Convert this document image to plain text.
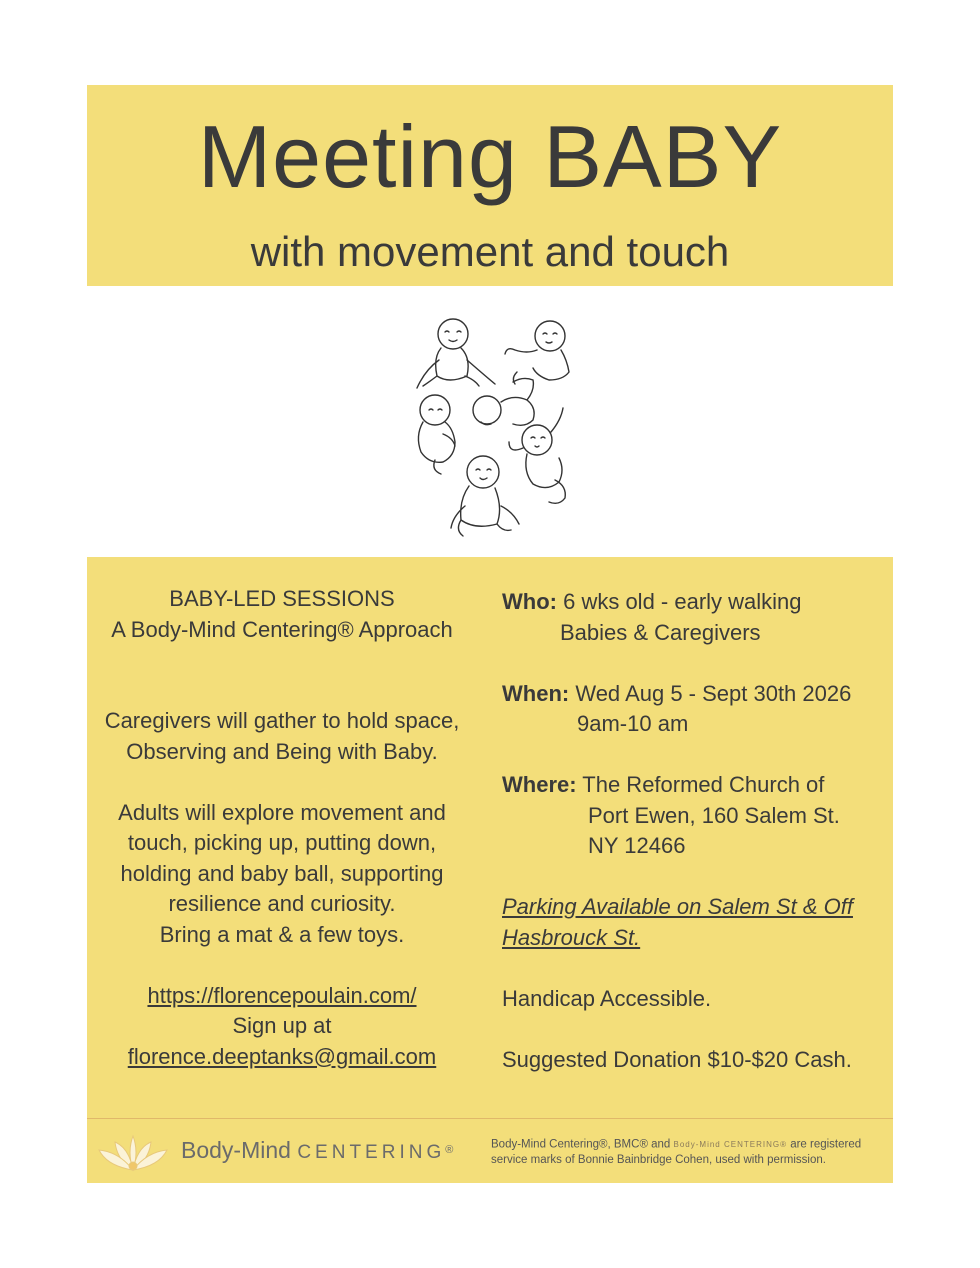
Meeting BABY
with movement and touch
BABY-LED SESSIONS
A Body-Mind Centering® Approach
Caregivers will gather to hold space,
Observing and Being with Baby.
Adults will explore movement and
touch, picking up, putting down,
holding and baby ball, supporting
resilience and curiosity.
Bring a mat & a few toys.
https://florencepoulain.com/
Sign up at
florence.deeptanks@gmail.com
Who: 6 wks old - early walking
Babies & Caregivers
When: Wed Aug 5 - Sept 30th 2026
9am-10 am
Where: The Reformed Church of
Port Ewen, 160 Salem St.
NY 12466
Parking Available on Salem St & Off
Hasbrouck St.
Handicap Accessible.
Suggested Donation $10-$20 Cash.
Body-Mind CENTERING®	Body-Mind Centering®, BMC® and Body-Mind CENTERING® are registered
service marks of Bonnie Bainbridge Cohen, used with permission.
